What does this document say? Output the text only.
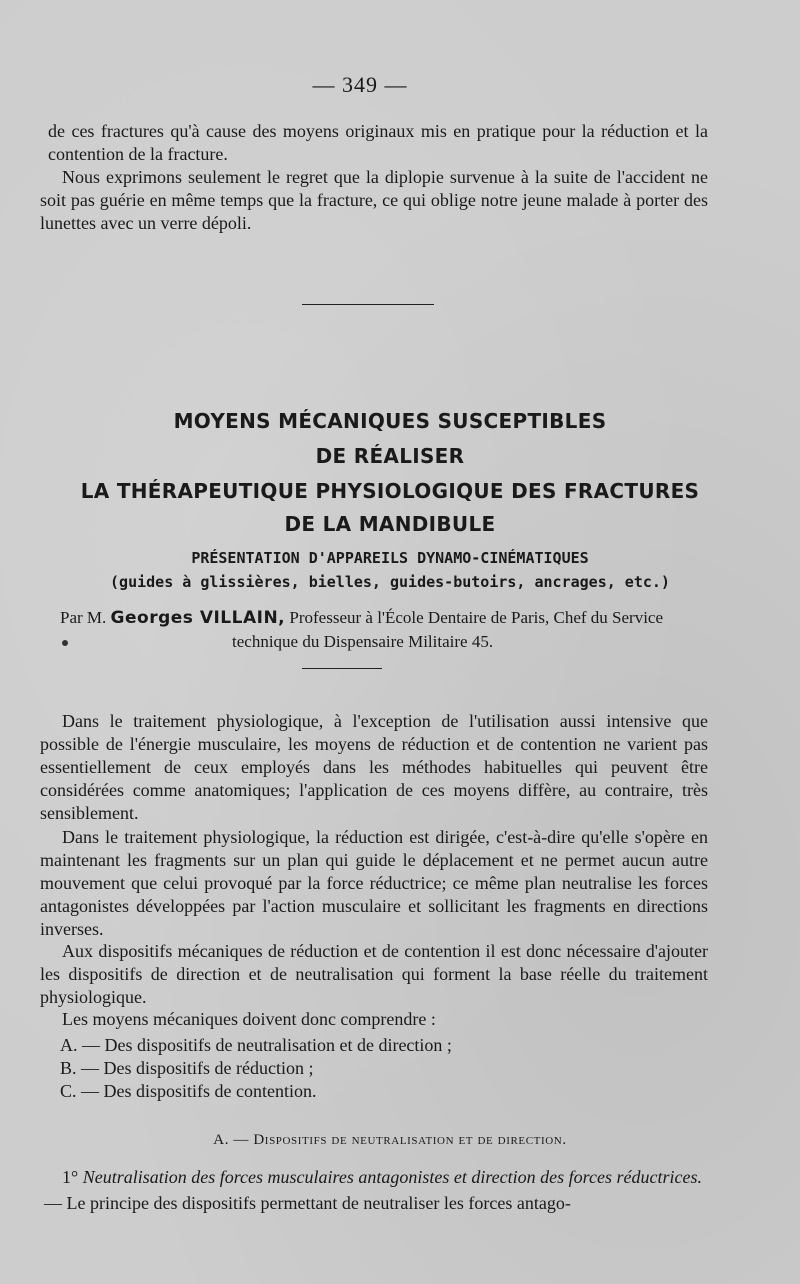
— 349 —
de ces fractures qu'à cause des moyens originaux mis en pratique pour la réduction et la contention de la fracture.
Nous exprimons seulement le regret que la diplopie survenue à la suite de l'accident ne soit pas guérie en même temps que la fracture, ce qui oblige notre jeune malade à porter des lunettes avec un verre dépoli.
MOYENS MÉCANIQUES SUSCEPTIBLES
DE RÉALISER
LA THÉRAPEUTIQUE PHYSIOLOGIQUE DES FRACTURES
DE LA MANDIBULE
PRÉSENTATION D'APPAREILS DYNAMO-CINÉMATIQUES
(guides à glissières, bielles, guides-butoirs, ancrages, etc.)
Par M. Georges VILLAIN, Professeur à l'École Dentaire de Paris, Chef du Service
technique du Dispensaire Militaire 45.
Dans le traitement physiologique, à l'exception de l'utilisation aussi intensive que possible de l'énergie musculaire, les moyens de réduction et de contention ne varient pas essentiellement de ceux employés dans les méthodes habituelles qui peuvent être considérées comme anatomiques; l'application de ces moyens diffère, au contraire, très sensiblement.
Dans le traitement physiologique, la réduction est dirigée, c'est-à-dire qu'elle s'opère en maintenant les fragments sur un plan qui guide le déplacement et ne permet aucun autre mouvement que celui provoqué par la force réductrice; ce même plan neutralise les forces antagonistes développées par l'action musculaire et sollicitant les fragments en directions inverses.
Aux dispositifs mécaniques de réduction et de contention il est donc nécessaire d'ajouter les dispositifs de direction et de neutralisation qui forment la base réelle du traitement physiologique.
Les moyens mécaniques doivent donc comprendre :
A. — Des dispositifs de neutralisation et de direction ;
B. — Des dispositifs de réduction ;
C. — Des dispositifs de contention.
A. — Dispositifs de neutralisation et de direction.
1° Neutralisation des forces musculaires antagonistes et direction des forces réductrices. — Le principe des dispositifs permettant de neutraliser les forces antago-
